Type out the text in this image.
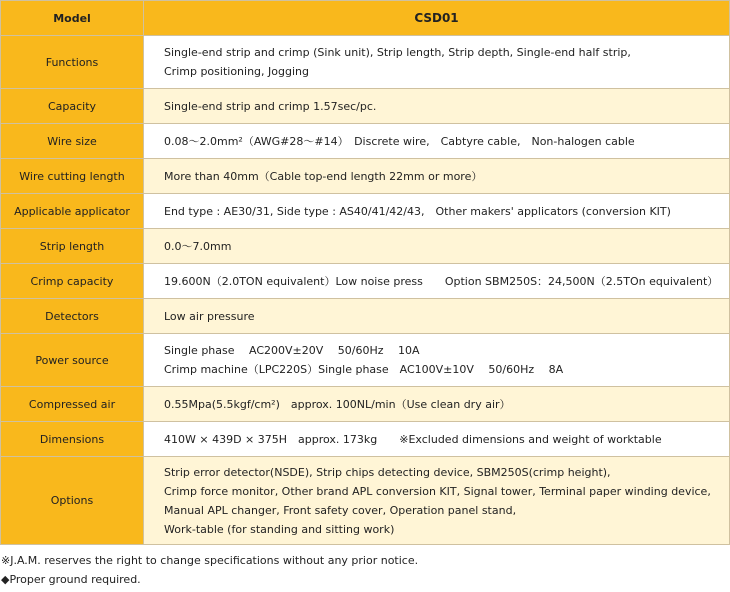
Model	CSD01
Functions	Single-end strip and crimp (Sink unit), Strip length, Strip depth, Single-end half strip,
Crimp positioning, Jogging

Capacity	Single-end strip and crimp 1.57sec/pc.

Wire size	0.08～2.0mm²（AWG#28～#14）　Discrete wire,　Cabtyre cable,　Non-halogen cable

Wire cutting length	More than 40mm（Cable top-end length 22mm or more）

Applicable applicator	End type : AE30/31, Side type : AS40/41/42/43,　Other makers' applicators (conversion KIT)

Strip length	0.0～7.0mm

Crimp capacity	19.600N（2.0TON equivalent）Low noise press　　Option SBM250S：24,500N（2.5TOn equivalent）

Detectors	Low air pressure

Power source	Single phase　 AC200V±20V　 50/60Hz　 10A
Crimp machine（LPC220S）Single phase　AC100V±10V　 50/60Hz　 8A

Compressed air	0.55Mpa(5.5kgf/cm²)　approx. 100NL/min（Use clean dry air）

Dimensions	410W × 439D × 375H　approx. 173kg　　※Excluded dimensions and weight of worktable

Options	Strip error detector(NSDE), Strip chips detecting device, SBM250S(crimp height),
Crimp force monitor, Other brand APL conversion KIT, Signal tower, Terminal paper winding device,
Manual APL changer, Front safety cover, Operation panel stand,
Work-table (for standing and sitting work)
※J.A.M. reserves the right to change specifications without any prior notice.
◆Proper ground required.
